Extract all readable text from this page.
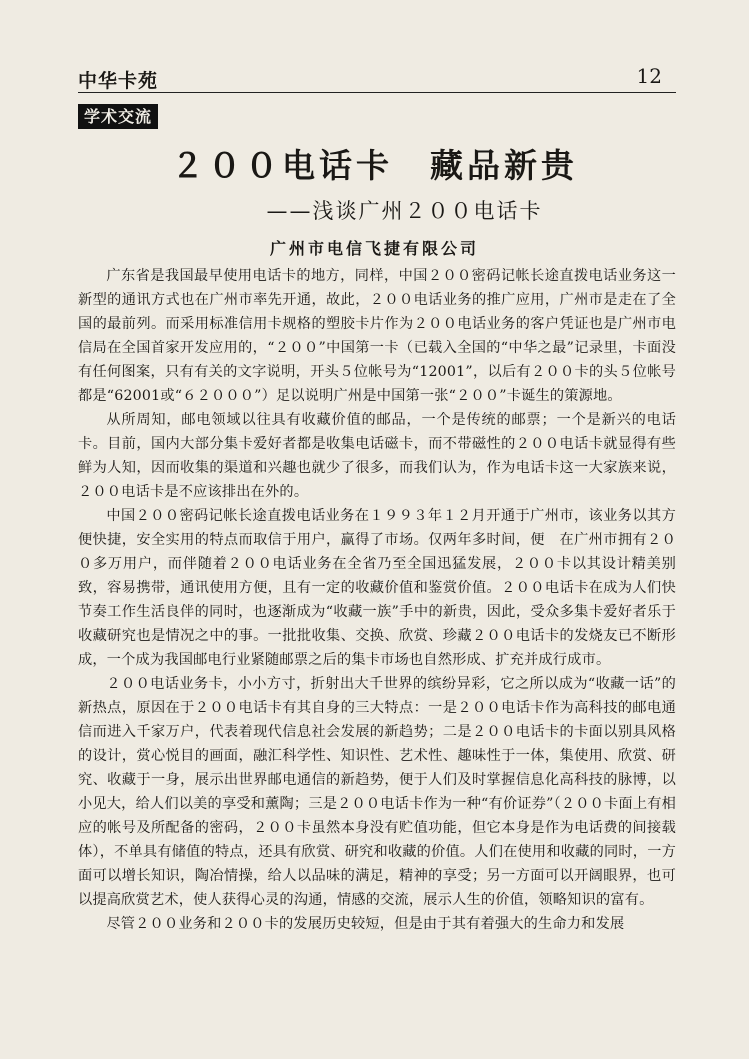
中华卡苑	12
学术交流
２００电话卡　藏品新贵
——浅谈广州２００电话卡
广州市电信飞捷有限公司

广东省是我国最早使用电话卡的地方，同样，中国２００密码记帐长途直拨电话业务这一新型的通讯方式也在广州市率先开通，故此，２００电话业务的推广应用，广州市是走在了全国的最前列。而采用标准信用卡规格的塑胶卡片作为２００电话业务的客户凭证也是广州市电信局在全国首家开发应用的，“２００”中国第一卡（已载入全国的“中华之最”记录里，卡面没有任何图案，只有有关的文字说明，开头５位帐号为“12001”，以后有２００卡的头５位帐号都是“62001或“６２０００”）足以说明广州是中国第一张“２００”卡诞生的策源地。

从所周知，邮电领域以往具有收藏价值的邮品，一个是传统的邮票；一个是新兴的电话卡。目前，国内大部分集卡爱好者都是收集电话磁卡，而不带磁性的２００电话卡就显得有些鲜为人知，因而收集的渠道和兴趣也就少了很多，而我们认为，作为电话卡这一大家族来说，２００电话卡是不应该排出在外的。

中国２００密码记帐长途直拨电话业务在１９９３年１２月开通于广州市，该业务以其方便快捷，安全实用的特点而取信于用户，赢得了市场。仅两年多时间，便　在广州市拥有２００多万用户，而伴随着２００电话业务在全省乃至全国迅猛发展，２００卡以其设计精美别致，容易携带，通讯使用方便，且有一定的收藏价值和鉴赏价值。２００电话卡在成为人们快节奏工作生活良伴的同时，也逐渐成为“收藏一族”手中的新贵，因此，受众多集卡爱好者乐于收藏研究也是情况之中的事。一批批收集、交换、欣赏、珍藏２００电话卡的发烧友已不断形成，一个成为我国邮电行业紧随邮票之后的集卡市场也自然形成、扩充并成行成市。

２００电话业务卡，小小方寸，折射出大千世界的缤纷异彩，它之所以成为“收藏一话”的新热点，原因在于２００电话卡有其自身的三大特点：一是２００电话卡作为高科技的邮电通信而进入千家万户，代表着现代信息社会发展的新趋势；二是２００电话卡的卡面以别具风格的设计，赏心悦目的画面，融汇科学性、知识性、艺术性、趣味性于一体，集使用、欣赏、研究、收藏于一身，展示出世界邮电通信的新趋势，便于人们及时掌握信息化高科技的脉博，以小见大，给人们以美的享受和薰陶；三是２００电话卡作为一种“有价证券”（２００卡面上有相应的帐号及所配备的密码，２００卡虽然本身没有贮值功能，但它本身是作为电话费的间接载体），不单具有储值的特点，还具有欣赏、研究和收藏的价值。人们在使用和收藏的同时，一方面可以增长知识，陶冶情操，给人以品味的满足，精神的享受；另一方面可以开阔眼界，也可以提高欣赏艺术，使人获得心灵的沟通，情感的交流，展示人生的价值，领略知识的富有。

尽管２００业务和２００卡的发展历史较短，但是由于其有着强大的生命力和发展
